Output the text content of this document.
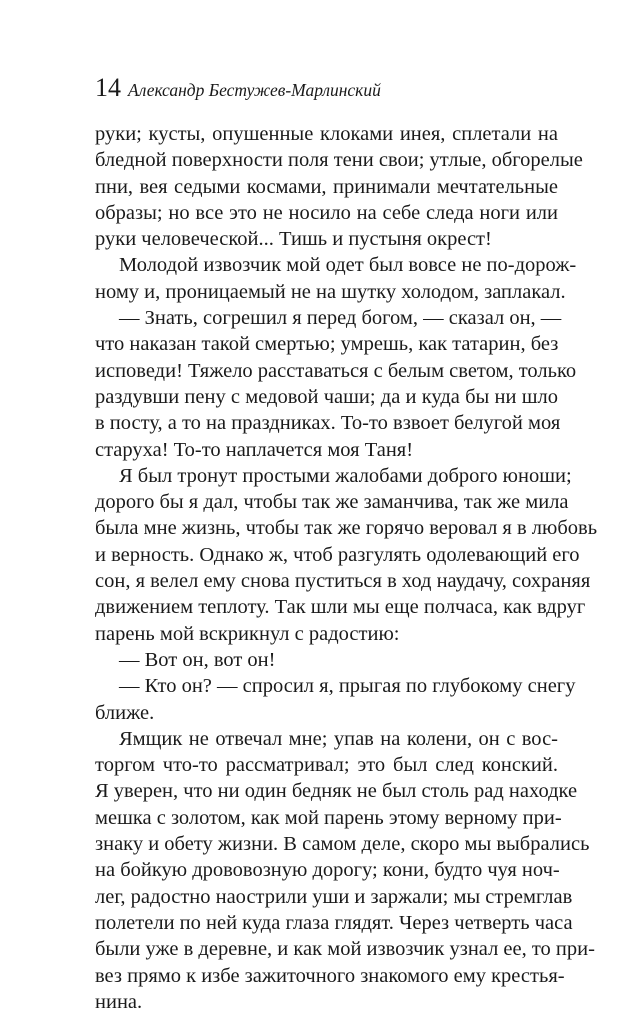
14 Александр Бестужев-Марлинский
руки; кусты, опушенные клоками инея, сплетали на
бледной поверхности поля тени свои; утлые, обгорелые
пни, вея седыми космами, принимали мечтательные
образы; но все это не носило на себе следа ноги или
руки человеческой... Тишь и пустыня окрест!
Молодой извозчик мой одет был вовсе не по-дорож-
ному и, проницаемый не на шутку холодом, заплакал.
— Знать, согрешил я перед богом, — сказал он, —
что наказан такой смертью; умрешь, как татарин, без
исповеди! Тяжело расставаться с белым светом, только
раздувши пену с медовой чаши; да и куда бы ни шло
в посту, а то на праздниках. То-то взвоет белугой моя
старуха! То-то наплачется моя Таня!
Я был тронут простыми жалобами доброго юноши;
дорого бы я дал, чтобы так же заманчива, так же мила
была мне жизнь, чтобы так же горячо веровал я в любовь
и верность. Однако ж, чтоб разгулять одолевающий его
сон, я велел ему снова пуститься в ход наудачу, сохраняя
движением теплоту. Так шли мы еще полчаса, как вдруг
парень мой вскрикнул с радостию:
— Вот он, вот он!
— Кто он? — спросил я, прыгая по глубокому снегу
ближе.
Ямщик не отвечал мне; упав на колени, он с вос-
торгом что-то рассматривал; это был след конский.
Я уверен, что ни один бедняк не был столь рад находке
мешка с золотом, как мой парень этому верному при-
знаку и обету жизни. В самом деле, скоро мы выбрались
на бойкую дрововозную дорогу; кони, будто чуя ноч-
лег, радостно наострили уши и заржали; мы стремглав
полетели по ней куда глаза глядят. Через четверть часа
были уже в деревне, и как мой извозчик узнал ее, то при-
вез прямо к избе зажиточного знакомого ему крестья-
нина.
